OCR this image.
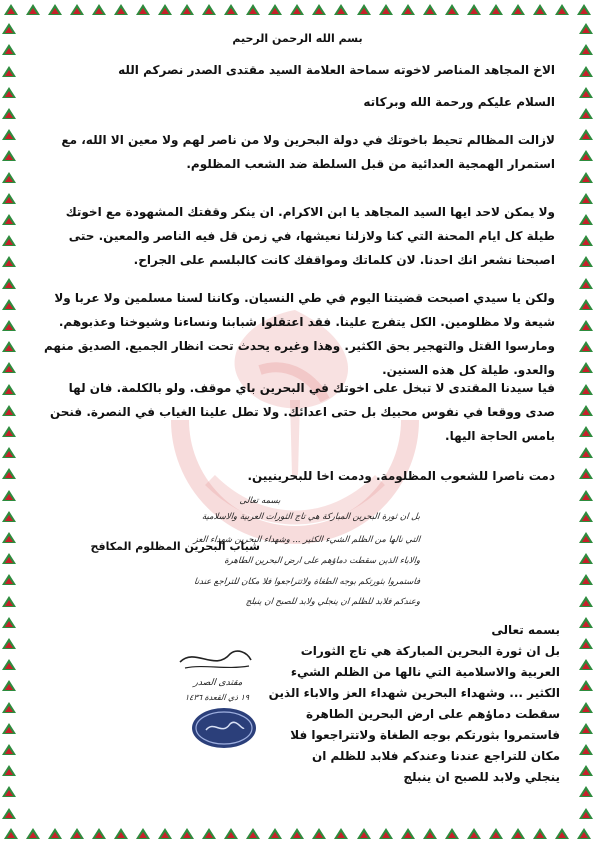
بسم الله الرحمن الرحيم
الاخ المجاهد المناصر لاخوته سماحة العلامة السيد مقتدى الصدر نصركم الله
السلام عليكم ورحمة الله وبركاته
لازالت المظالم تحيط باخوتك في دولة البحرين ولا من ناصر لهم ولا معين الا الله، مع استمرار الهمجية العدائية من قبل السلطة ضد الشعب المظلوم.
ولا يمكن لاحد ايها السيد المجاهد يا ابن الاكرام. ان ينكر وقفتك المشهودة مع اخوتك طيلة كل ايام المحنة التي كنا ولازلنا نعيشها، في زمن قل فيه الناصر والمعين. حتى اصبحنا نشعر انك احدنا. لان كلماتك ومواقفك كانت كالبلسم على الجراح.
ولكن يا سيدي اصبحت قضيتنا اليوم في طي النسيان. وكاننا لسنا مسلمين ولا عربا ولا شيعة ولا مظلومين. الكل يتفرج علينا. فقد اعتقلوا شبابنا ونساءنا وشيوخنا وعذبوهم. ومارسوا القتل والتهجير بحق الكثير. وهذا وغيره يحدث تحت انظار الجميع. الصديق منهم والعدو. طيلة كل هذه السنين.
فيا سيدنا المقتدى لا تبخل على اخوتك في البحرين باي موقف. ولو بالكلمة. فان لها صدى ووقعا في نفوس محبيك بل حتى اعدائك. ولا تطل علينا الغياب في النصرة. فنحن بامس الحاجة اليها.
دمت ناصرا للشعوب المظلومة. ودمت اخا للبحرينيين.
بسمه تعالى
بل ان ثورة البحرين المباركة هي تاج الثورات العربية والاسلامية
التي نالها من الظلم الشيء الكثير ... وشهداء البحرين شهداء العز
والاباء الذين سقطت دماؤهم على ارض البحرين الطاهرة
فاستمروا بثورتكم بوجه الطغاة ولاتتراجعوا فلا مكان للتراجع عندنا
وعندكم فلابد للظلم ان ينجلي ولابد للصبح ان ينبلج
شباب البحرين المظلوم المكافح
مقتدى الصدر
١٩ ذي القعدة ١٤٣٦
بسمه تعالى
بل ان ثورة البحرين المباركة هي تاج الثورات
العربية والاسلامية التي نالها من الظلم الشيء
الكثير ... وشهداء البحرين شهداء العز والاباء الذين
سقطت دماؤهم على ارض البحرين الطاهرة
فاستمروا بثورتكم بوجه الطغاة ولاتتراجعوا فلا
مكان للتراجع عندنا وعندكم فلابد للظلم ان
ينجلي ولابد للصبح ان ينبلج
